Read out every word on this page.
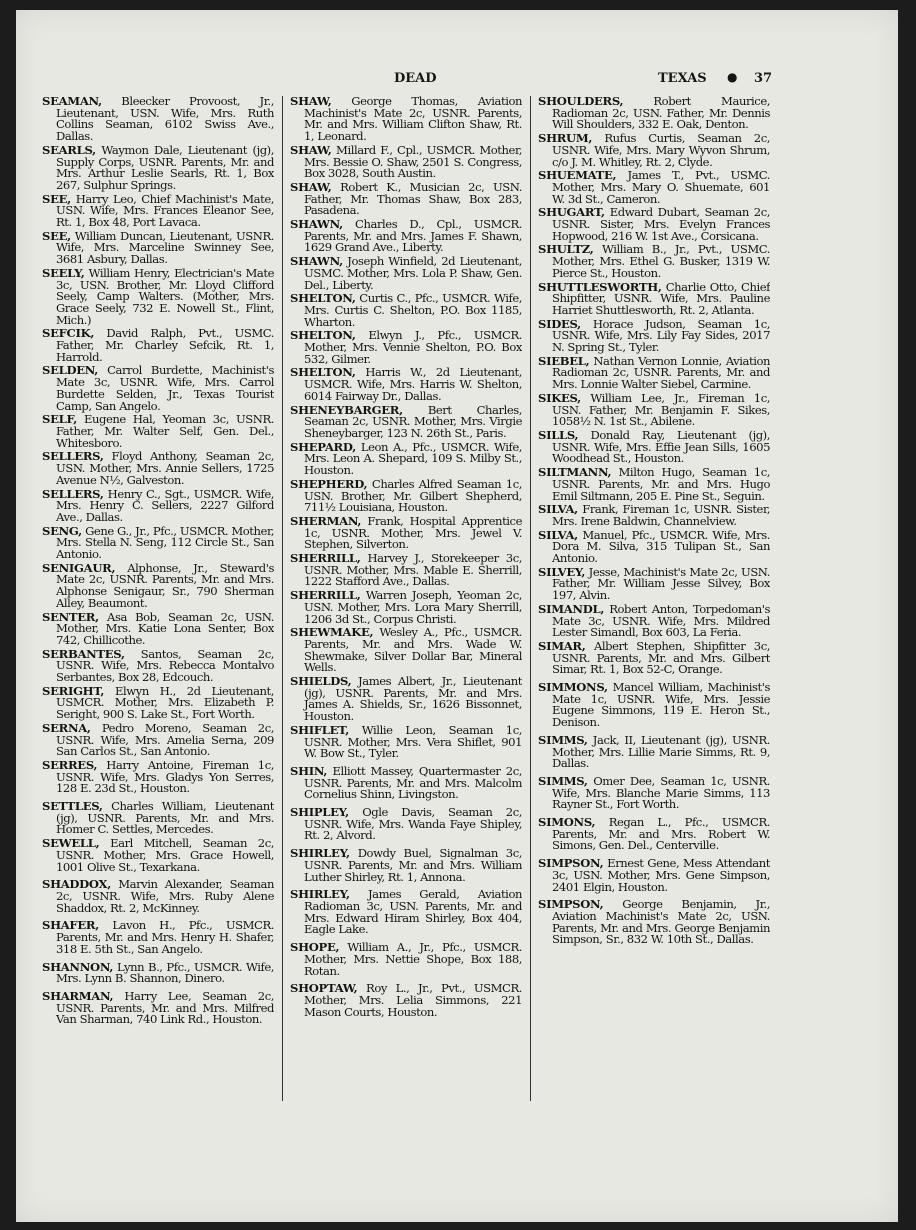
DEAD	TEXAS ● 37

SEAMAN, Bleecker Provoost, Jr., Lieutenant, USN. Wife, Mrs. Ruth Collins Seaman, 6102 Swiss Ave., Dallas.

SEARLS, Waymon Dale, Lieutenant (jg), Supply Corps, USNR. Parents, Mr. and Mrs. Arthur Leslie Searls, Rt. 1, Box 267, Sulphur Springs.

SEE, Harry Leo, Chief Machinist's Mate, USN. Wife, Mrs. Frances Eleanor See, Rt. 1, Box 48, Port Lavaca.

SEE, William Duncan, Lieutenant, USNR. Wife, Mrs. Marceline Swinney See, 3681 Asbury, Dallas.

SEELY, William Henry, Electrician's Mate 3c, USN. Brother, Mr. Lloyd Clifford Seely, Camp Walters. (Mother, Mrs. Grace Seely, 732 E. Nowell St., Flint, Mich.)

SEFCIK, David Ralph, Pvt., USMC. Father, Mr. Charley Sefcik, Rt. 1, Harrold.

SELDEN, Carrol Burdette, Machinist's Mate 3c, USNR. Wife, Mrs. Carrol Burdette Selden, Jr., Texas Tourist Camp, San Angelo.

SELF, Eugene Hal, Yeoman 3c, USNR. Father, Mr. Walter Self, Gen. Del., Whitesboro.

SELLERS, Floyd Anthony, Seaman 2c, USN. Mother, Mrs. Annie Sellers, 1725 Avenue N½, Galveston.

SELLERS, Henry C., Sgt., USMCR. Wife, Mrs. Henry C. Sellers, 2227 Gilford Ave., Dallas.

SENG, Gene G., Jr., Pfc., USMCR. Mother, Mrs. Stella N. Seng, 112 Circle St., San Antonio.

SENIGAUR, Alphonse, Jr., Steward's Mate 2c, USNR. Parents, Mr. and Mrs. Alphonse Senigaur, Sr., 790 Sherman Alley, Beaumont.

SENTER, Asa Bob, Seaman 2c, USN. Mother, Mrs. Katie Lona Senter, Box 742, Chillicothe.

SERBANTES, Santos, Seaman 2c, USNR. Wife, Mrs. Rebecca Montalvo Serbantes, Box 28, Edcouch.

SERIGHT, Elwyn H., 2d Lieutenant, USMCR. Mother, Mrs. Elizabeth P. Seright, 900 S. Lake St., Fort Worth.

SERNA, Pedro Moreno, Seaman 2c, USNR. Wife, Mrs. Amelia Serna, 209 San Carlos St., San Antonio.

SERRES, Harry Antoine, Fireman 1c, USNR. Wife, Mrs. Gladys Yon Serres, 128 E. 23d St., Houston.

SETTLES, Charles William, Lieutenant (jg), USNR. Parents, Mr. and Mrs. Homer C. Settles, Mercedes.

SEWELL, Earl Mitchell, Seaman 2c, USNR. Mother, Mrs. Grace Howell, 1001 Olive St., Texarkana.

SHADDOX, Marvin Alexander, Seaman 2c, USNR. Wife, Mrs. Ruby Alene Shaddox, Rt. 2, McKinney.

SHAFER, Lavon H., Pfc., USMCR. Parents, Mr. and Mrs. Henry H. Shafer, 318 E. 5th St., San Angelo.

SHANNON, Lynn B., Pfc., USMCR. Wife, Mrs. Lynn B. Shannon, Dinero.

SHARMAN, Harry Lee, Seaman 2c, USNR. Parents, Mr. and Mrs. Milfred Van Sharman, 740 Link Rd., Houston.

SHAW, George Thomas, Aviation Machinist's Mate 2c, USNR. Parents, Mr. and Mrs. William Clifton Shaw, Rt. 1, Leonard.

SHAW, Millard F., Cpl., USMCR. Mother, Mrs. Bessie O. Shaw, 2501 S. Congress, Box 3028, South Austin.

SHAW, Robert K., Musician 2c, USN. Father, Mr. Thomas Shaw, Box 283, Pasadena.

SHAWN, Charles D., Cpl., USMCR. Parents, Mr. and Mrs. James F. Shawn, 1629 Grand Ave., Liberty.

SHAWN, Joseph Winfield, 2d Lieutenant, USMC. Mother, Mrs. Lola P. Shaw, Gen. Del., Liberty.

SHELTON, Curtis C., Pfc., USMCR. Wife, Mrs. Curtis C. Shelton, P.O. Box 1185, Wharton.

SHELTON, Elwyn J., Pfc., USMCR. Mother, Mrs. Vennie Shelton, P.O. Box 532, Gilmer.

SHELTON, Harris W., 2d Lieutenant, USMCR. Wife, Mrs. Harris W. Shelton, 6014 Fairway Dr., Dallas.

SHENEYBARGER, Bert Charles, Seaman 2c, USNR. Mother, Mrs. Virgie Sheneybarger, 123 N. 26th St., Paris.

SHEPARD, Leon A., Pfc., USMCR. Wife, Mrs. Leon A. Shepard, 109 S. Milby St., Houston.

SHEPHERD, Charles Alfred Seaman 1c, USN. Brother, Mr. Gilbert Shepherd, 711½ Louisiana, Houston.

SHERMAN, Frank, Hospital Apprentice 1c, USNR. Mother, Mrs. Jewel V. Stephen, Silverton.

SHERRILL, Harvey J., Storekeeper 3c, USNR. Mother, Mrs. Mable E. Sherrill, 1222 Stafford Ave., Dallas.

SHERRILL, Warren Joseph, Yeoman 2c, USN. Mother, Mrs. Lora Mary Sherrill, 1206 3d St., Corpus Christi.

SHEWMAKE, Wesley A., Pfc., USMCR. Parents, Mr. and Mrs. Wade W. Shewmake, Silver Dollar Bar, Mineral Wells.

SHIELDS, James Albert, Jr., Lieutenant (jg), USNR. Parents, Mr. and Mrs. James A. Shields, Sr., 1626 Bissonnet, Houston.

SHIFLET, Willie Leon, Seaman 1c, USNR. Mother, Mrs. Vera Shiflet, 901 W. Bow St., Tyler.

SHIN, Elliott Massey, Quartermaster 2c, USNR. Parents, Mr. and Mrs. Malcolm Cornelius Shinn, Livingston.

SHIPLEY, Ogle Davis, Seaman 2c, USNR. Wife, Mrs. Wanda Faye Shipley, Rt. 2, Alvord.

SHIRLEY, Dowdy Buel, Signalman 3c, USNR. Parents, Mr. and Mrs. William Luther Shirley, Rt. 1, Annona.

SHIRLEY, James Gerald, Aviation Radioman 3c, USN. Parents, Mr. and Mrs. Edward Hiram Shirley, Box 404, Eagle Lake.

SHOPE, William A., Jr., Pfc., USMCR. Mother, Mrs. Nettie Shope, Box 188, Rotan.

SHOPTAW, Roy L., Jr., Pvt., USMCR. Mother, Mrs. Lelia Simmons, 221 Mason Courts, Houston.

SHOULDERS, Robert Maurice, Radioman 2c, USN. Father, Mr. Dennis Will Shoulders, 332 E. Oak, Denton.

SHRUM, Rufus Curtis, Seaman 2c, USNR. Wife, Mrs. Mary Wyvon Shrum, c/o J. M. Whitley, Rt. 2, Clyde.

SHUEMATE, James T., Pvt., USMC. Mother, Mrs. Mary O. Shuemate, 601 W. 3d St., Cameron.

SHUGART, Edward Dubart, Seaman 2c, USNR. Sister, Mrs. Evelyn Frances Hopwood, 216 W. 1st Ave., Corsicana.

SHULTZ, William B., Jr., Pvt., USMC. Mother, Mrs. Ethel G. Busker, 1319 W. Pierce St., Houston.

SHUTTLESWORTH, Charlie Otto, Chief Shipfitter, USNR. Wife, Mrs. Pauline Harriet Shuttlesworth, Rt. 2, Atlanta.

SIDES, Horace Judson, Seaman 1c, USNR. Wife, Mrs. Lily Fay Sides, 2017 N. Spring St., Tyler.

SIEBEL, Nathan Vernon Lonnie, Aviation Radioman 2c, USNR. Parents, Mr. and Mrs. Lonnie Walter Siebel, Carmine.

SIKES, William Lee, Jr., Fireman 1c, USN. Father, Mr. Benjamin F. Sikes, 1058½ N. 1st St., Abilene.

SILLS, Donald Ray, Lieutenant (jg), USNR. Wife, Mrs. Effie Jean Sills, 1605 Woodhead St., Houston.

SILTMANN, Milton Hugo, Seaman 1c, USNR. Parents, Mr. and Mrs. Hugo Emil Siltmann, 205 E. Pine St., Seguin.

SILVA, Frank, Fireman 1c, USNR. Sister, Mrs. Irene Baldwin, Channelview.

SILVA, Manuel, Pfc., USMCR. Wife, Mrs. Dora M. Silva, 315 Tulipan St., San Antonio.

SILVEY, Jesse, Machinist's Mate 2c, USN. Father, Mr. William Jesse Silvey, Box 197, Alvin.

SIMANDL, Robert Anton, Torpedoman's Mate 3c, USNR. Wife, Mrs. Mildred Lester Simandl, Box 603, La Feria.

SIMAR, Albert Stephen, Shipfitter 3c, USNR. Parents, Mr. and Mrs. Gilbert Simar, Rt. 1, Box 52-C, Orange.

SIMMONS, Mancel William, Machinist's Mate 1c, USNR. Wife, Mrs. Jessie Eugene Simmons, 119 E. Heron St., Denison.

SIMMS, Jack, II, Lieutenant (jg), USNR. Mother, Mrs. Lillie Marie Simms, Rt. 9, Dallas.

SIMMS, Omer Dee, Seaman 1c, USNR. Wife, Mrs. Blanche Marie Simms, 113 Rayner St., Fort Worth.

SIMONS, Regan L., Pfc., USMCR. Parents, Mr. and Mrs. Robert W. Simons, Gen. Del., Centerville.

SIMPSON, Ernest Gene, Mess Attendant 3c, USN. Mother, Mrs. Gene Simpson, 2401 Elgin, Houston.

SIMPSON, George Benjamin, Jr., Aviation Machinist's Mate 2c, USN. Parents, Mr. and Mrs. George Benjamin Simpson, Sr., 832 W. 10th St., Dallas.
